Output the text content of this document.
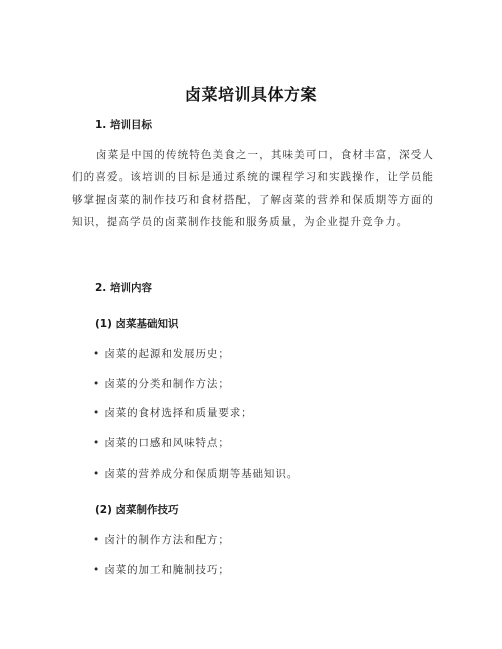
卤菜培训具体方案
1. 培训目标

卤菜是中国的传统特色美食之一，其味美可口，食材丰富，深受人们的喜爱。该培训的目标是通过系统的课程学习和实践操作，让学员能够掌握卤菜的制作技巧和食材搭配，了解卤菜的营养和保质期等方面的知识，提高学员的卤菜制作技能和服务质量，为企业提升竞争力。

2. 培训内容
(1) 卤菜基础知识
• 卤菜的起源和发展历史；
• 卤菜的分类和制作方法；
• 卤菜的食材选择和质量要求；
• 卤菜的口感和风味特点；
• 卤菜的营养成分和保质期等基础知识。
(2) 卤菜制作技巧
• 卤汁的制作方法和配方；
• 卤菜的加工和腌制技巧；
